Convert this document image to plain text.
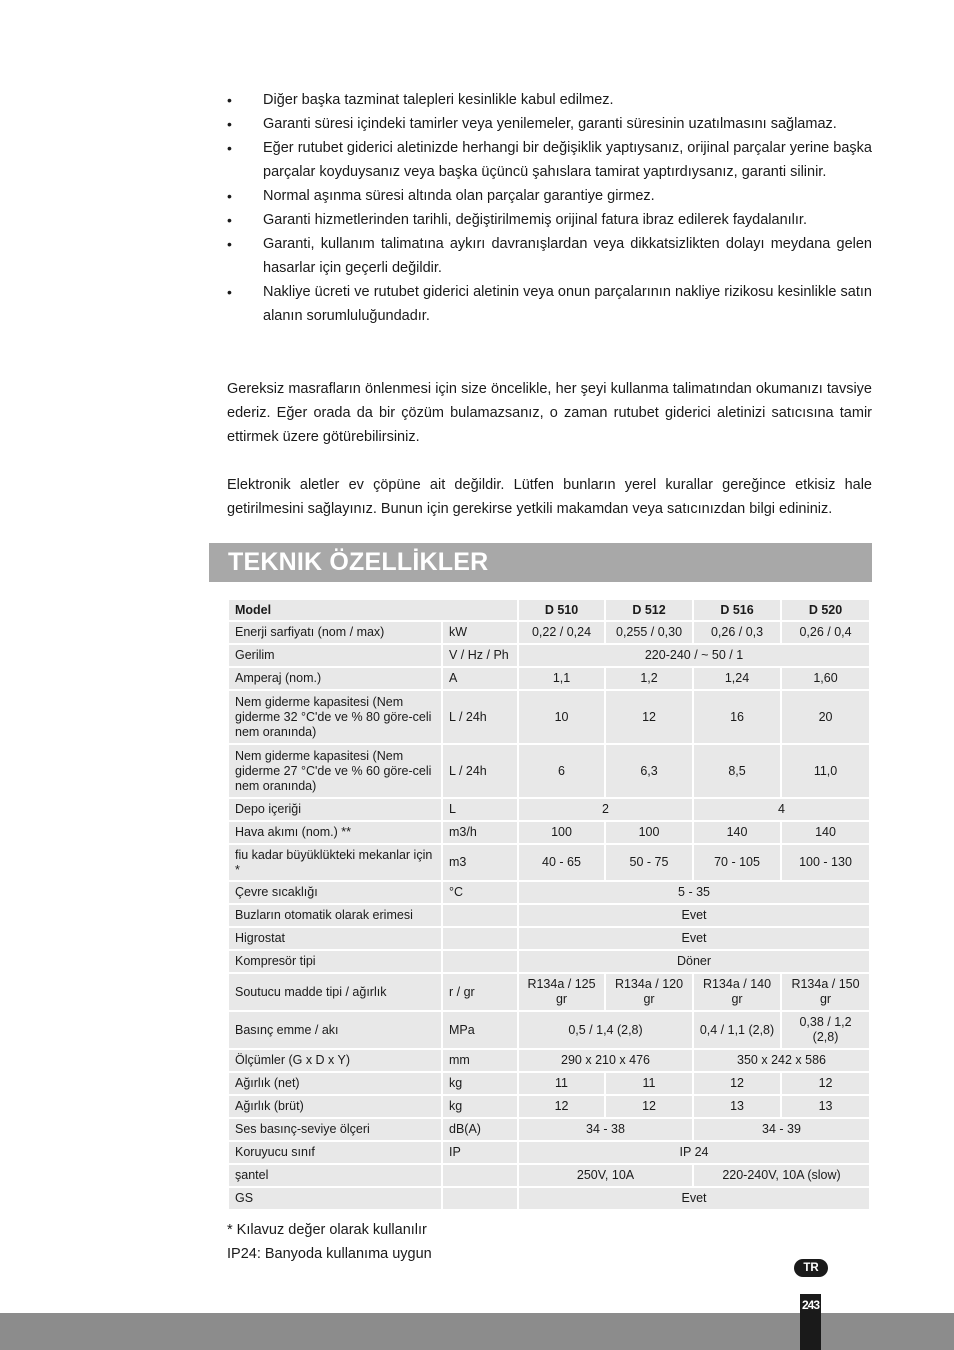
• Diğer başka tazminat talepleri kesinlikle kabul edilmez.
• Garanti süresi içindeki tamirler veya yenilemeler, garanti süresinin uzatılmasını sağlamaz.
• Eğer rutubet giderici aletinizde herhangi bir değişiklik yaptıysanız, orijinal parçalar yerine başka parçalar koyduysanız veya başka üçüncü şahıslara tamirat yaptırdıysanız, garanti silinir.
• Normal aşınma süresi altında olan parçalar garantiye girmez.
• Garanti hizmetlerinden tarihli, değiştirilmemiş orijinal fatura ibraz edilerek faydalanılır.
• Garanti, kullanım talimatına aykırı davranışlardan veya dikkatsizlikten dolayı meydana gelen hasarlar için geçerli değildir.
• Nakliye ücreti ve rutubet giderici aletinin veya onun parçalarının nakliye rizikosu kesinlikle satın alanın sorumluluğundadır.

Gereksiz masrafların önlenmesi için size öncelikle, her şeyi kullanma talimatından okumanızı tavsiye ederiz. Eğer orada da bir çözüm bulamazsanız, o zaman rutubet giderici aletinizi satıcısına tamir ettirmek üzere götürebilirsiniz.

Elektronik aletler ev çöpüne ait değildir. Lütfen bunların yerel kurallar gereğince etkisiz hale getirilmesini sağlayınız. Bunun için gerekirse yetkili makamdan veya satıcınızdan bilgi edininiz.

TEKNIK ÖZELLİKLER
Model		D 510	D 512	D 516	D 520
Enerji sarfiyatı (nom / max)	kW	0,22 / 0,24	0,255 / 0,30	0,26 / 0,3	0,26 / 0,4
Gerilim	V / Hz / Ph	220-240 / ~ 50 / 1			
Amperaj (nom.)	A	1,1	1,2	1,24	1,60
Nem giderme kapasitesi (Nem giderme 32 °C'de ve % 80 göre-celi nem oranında)	L / 24h	10	12	16	20
Nem giderme kapasitesi (Nem giderme 27 °C'de ve % 60 göre-celi nem oranında)	L / 24h	6	6,3	8,5	11,0
Depo içeriği	L	2		4	
Hava akımı (nom.) **	m3/h	100	100	140	140
fiu kadar büyüklükteki mekanlar için *	m3	40 - 65	50 - 75	70 - 105	100 - 130
Çevre sıcaklığı	°C	5 - 35			
Buzların otomatik olarak erimesi		Evet			
Higrostat		Evet			
Kompresör tipi		Döner			
Soutucu madde tipi / ağırlık	r / gr	R134a / 125 gr	R134a / 120 gr	R134a / 140 gr	R134a / 150 gr
Basınç emme / akı	MPa	0,5 / 1,4 (2,8)		0,4 / 1,1 (2,8)	0,38 / 1,2 (2,8)
Ölçümler (G x D x Y)	mm	290 x 210 x 476		350 x 242 x 586	
Ağırlık (net)	kg	11	11	12	12
Ağırlık (brüt)	kg	12	12	13	13
Ses basınç-seviye ölçeri	dB(A)	34 - 38		34 - 39	
Koruyucu sınıf	IP	IP 24			
şantel		250V, 10A		220-240V, 10A (slow)	
GS		Evet			
* Kılavuz değer olarak kullanılır
IP24: Banyoda kullanıma uygun
TR
243
